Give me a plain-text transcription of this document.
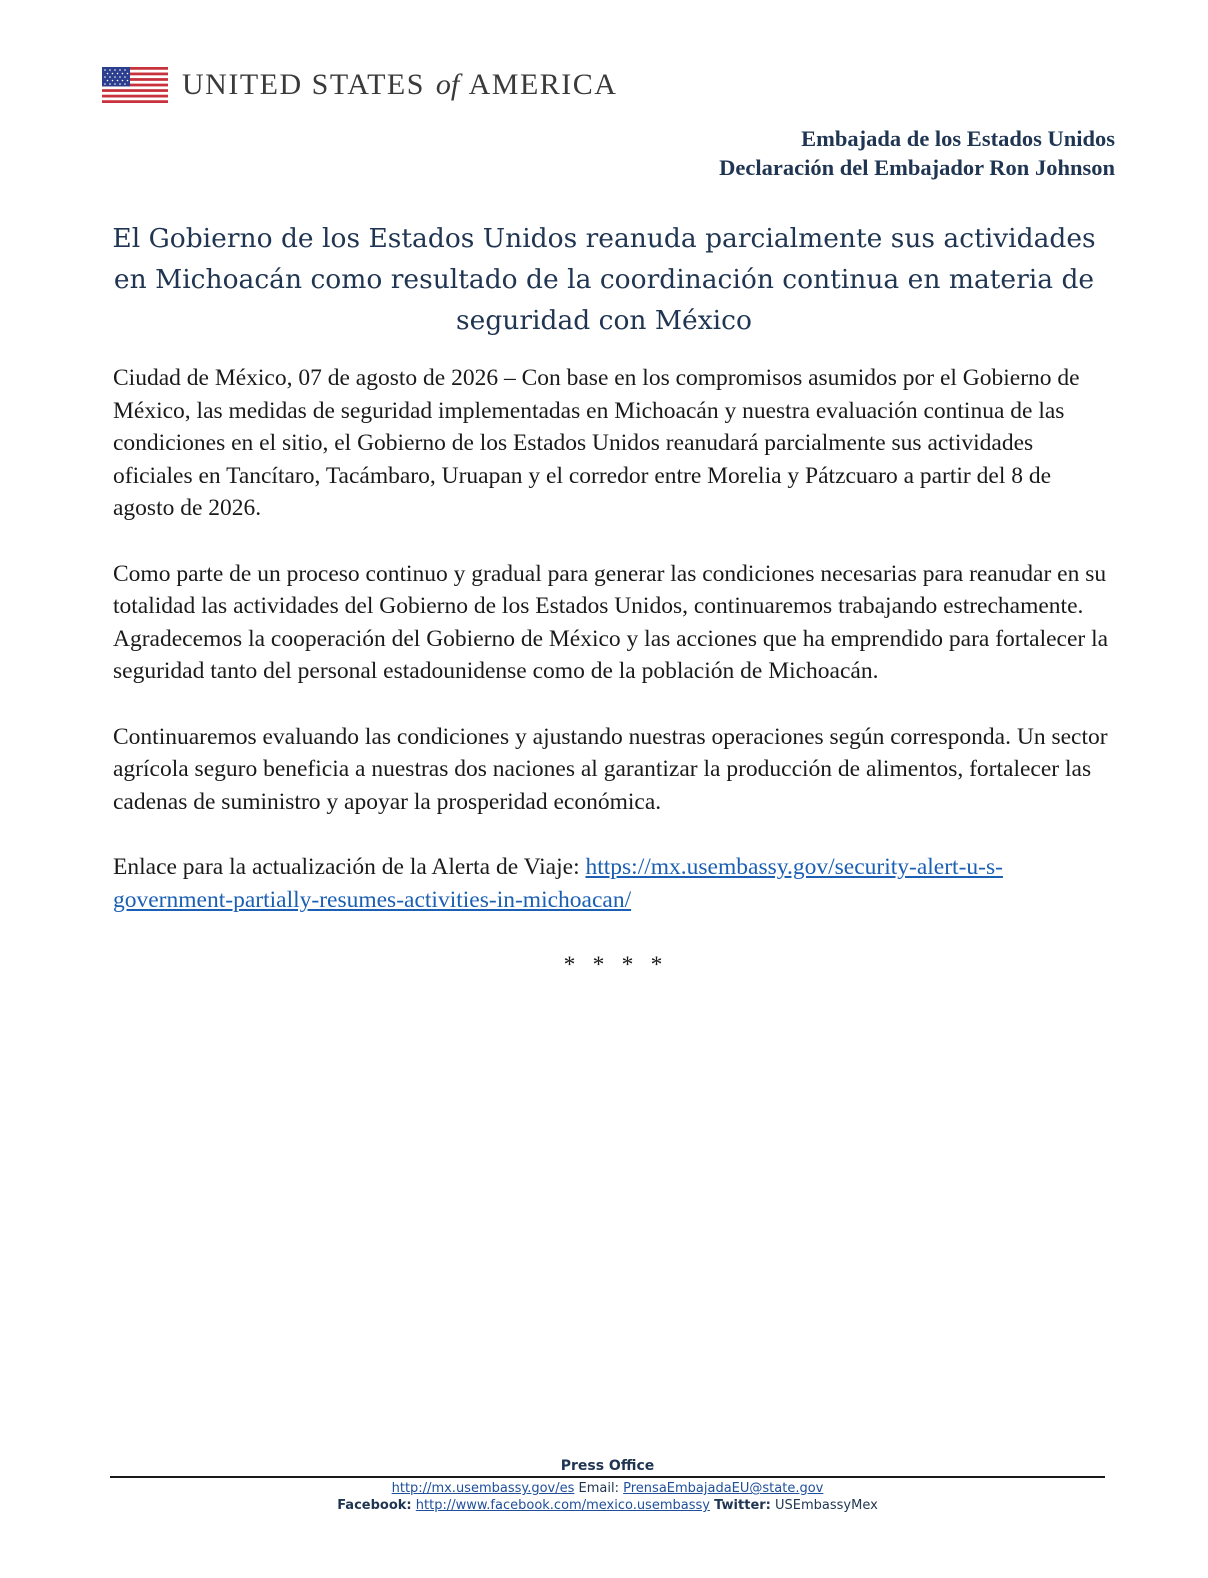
UNITED STATES of AMERICA
Embajada de los Estados Unidos
Declaración del Embajador Ron Johnson
El Gobierno de los Estados Unidos reanuda parcialmente sus actividades en Michoacán como resultado de la coordinación continua en materia de seguridad con México

Ciudad de México, 07 de agosto de 2026 – Con base en los compromisos asumidos por el Gobierno de México, las medidas de seguridad implementadas en Michoacán y nuestra evaluación continua de las condiciones en el sitio, el Gobierno de los Estados Unidos reanudará parcialmente sus actividades oficiales en Tancítaro, Tacámbaro, Uruapan y el corredor entre Morelia y Pátzcuaro a partir del 8 de agosto de 2026.

Como parte de un proceso continuo y gradual para generar las condiciones necesarias para reanudar en su totalidad las actividades del Gobierno de los Estados Unidos, continuaremos trabajando estrechamente. Agradecemos la cooperación del Gobierno de México y las acciones que ha emprendido para fortalecer la seguridad tanto del personal estadounidense como de la población de Michoacán.

Continuaremos evaluando las condiciones y ajustando nuestras operaciones según corresponda. Un sector agrícola seguro beneficia a nuestras dos naciones al garantizar la producción de alimentos, fortalecer las cadenas de suministro y apoyar la prosperidad económica.

Enlace para la actualización de la Alerta de Viaje: https://mx.usembassy.gov/security-alert-u-s-government-partially-resumes-activities-in-michoacan/

* * * *
Press Office
http://mx.usembassy.gov/es Email: PrensaEmbajadaEU@state.gov
Facebook: http://www.facebook.com/mexico.usembassy Twitter: USEmbassyMex
